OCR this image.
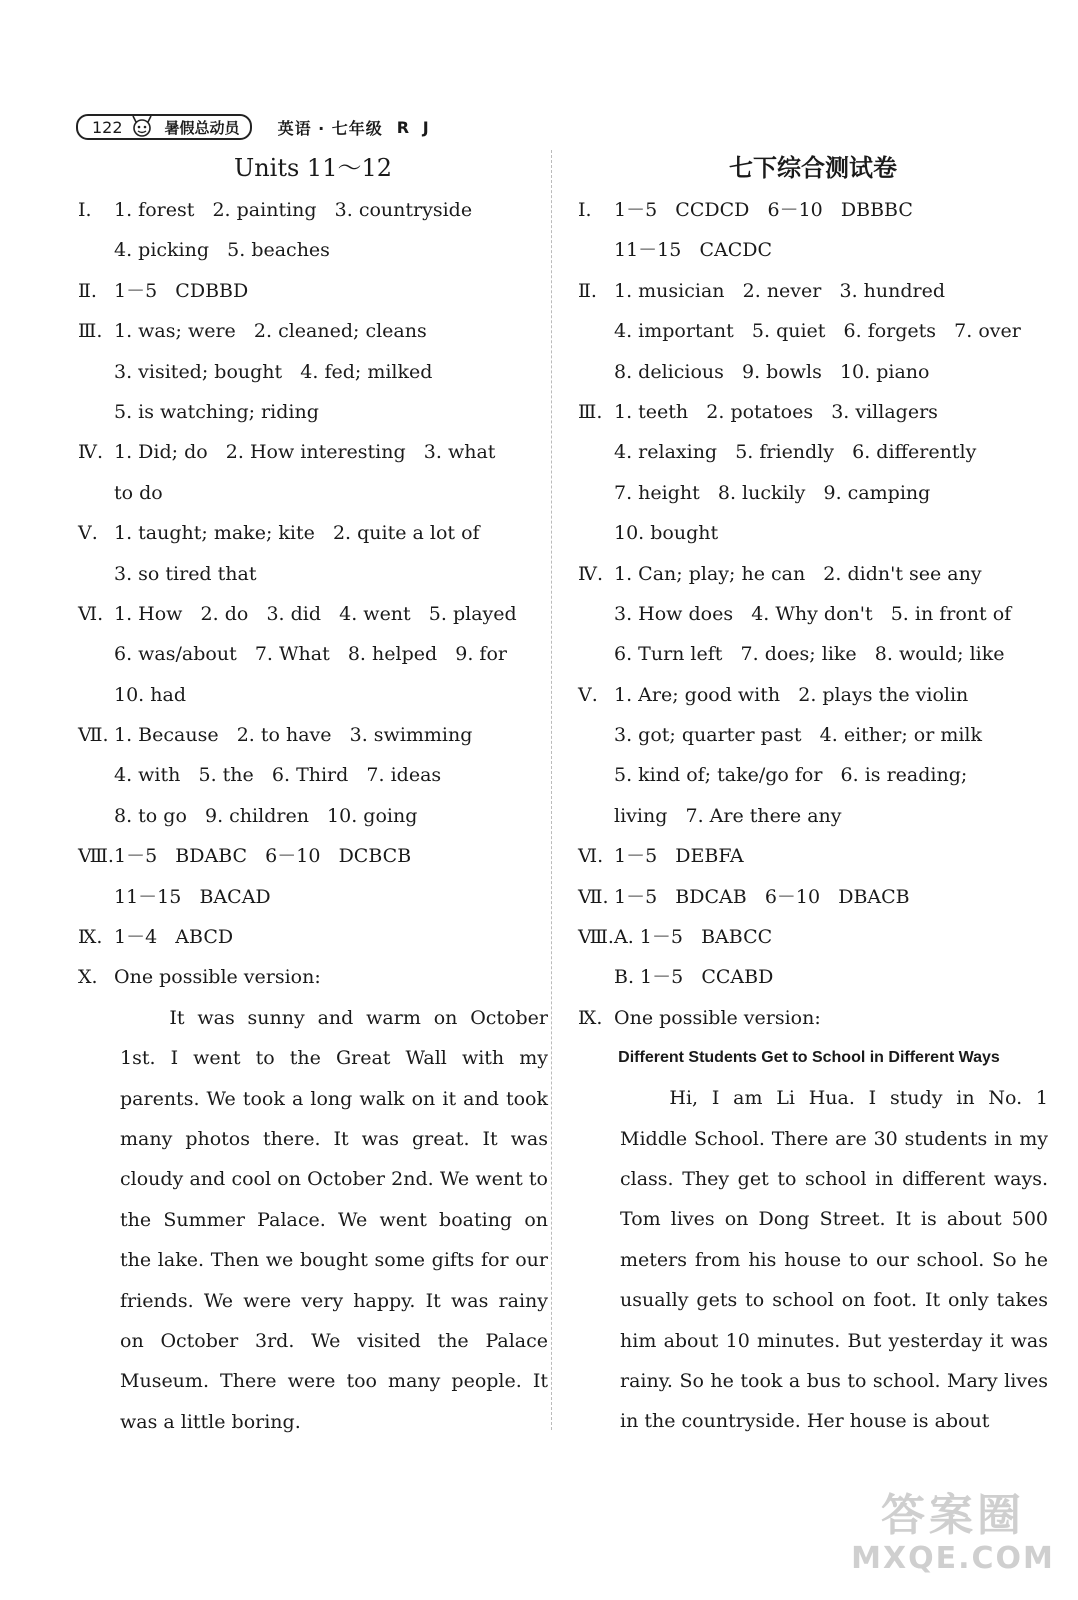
122	暑假总动员 英语 · 七年级 R J
Units 11～12
Ⅰ. 1. forest   2. painting   3. countryside
4. picking   5. beaches
Ⅱ. 1－5   CDBBD
Ⅲ. 1. was; were   2. cleaned; cleans
3. visited; bought   4. fed; milked
5. is watching; riding
Ⅳ. 1. Did; do   2. How interesting   3. what
to do
Ⅴ. 1. taught; make; kite   2. quite a lot of
3. so tired that
Ⅵ. 1. How   2. do   3. did   4. went   5. played
6. was/about   7. What   8. helped   9. for
10. had
Ⅶ. 1. Because   2. to have   3. swimming
4. with   5. the   6. Third   7. ideas
8. to go   9. children   10. going
Ⅷ.1－5   BDABC   6－10   DCBCB
11－15   BACAD
Ⅸ. 1－4   ABCD
Ⅹ. One possible version:

It was sunny and warm on October 1st. I went to the Great Wall with my parents. We took a long walk on it and took many photos there. It was great. It was cloudy and cool on October 2nd. We went to the Summer Palace. We went boating on the lake. Then we bought some gifts for our friends. We were very happy. It was rainy on October 3rd. We visited the Palace Museum. There were too many people. It was a little boring.

七下综合测试卷
Ⅰ. 1－5   CCDCD   6－10   DBBBC
11－15   CACDC
Ⅱ. 1. musician   2. never   3. hundred
4. important   5. quiet   6. forgets   7. over
8. delicious   9. bowls   10. piano
Ⅲ. 1. teeth   2. potatoes   3. villagers
4. relaxing   5. friendly   6. differently
7. height   8. luckily   9. camping
10. bought
Ⅳ. 1. Can; play; he can   2. didn't see any
3. How does   4. Why don't   5. in front of
6. Turn left   7. does; like   8. would; like
Ⅴ. 1. Are; good with   2. plays the violin
3. got; quarter past   4. either; or milk
5. kind of; take/go for   6. is reading;
living   7. Are there any
Ⅵ. 1－5   DEBFA
Ⅶ. 1－5   BDCAB   6－10   DBACB
Ⅷ.A. 1－5   BABCC
B. 1－5   CCABD
Ⅸ. One possible version:
Different Students Get to School in Different Ways

Hi, I am Li Hua. I study in No. 1 Middle School. There are 30 students in my class. They get to school in different ways. Tom lives on Dong Street. It is about 500 meters from his house to our school. So he usually gets to school on foot. It only takes him about 10 minutes. But yesterday it was rainy. So he took a bus to school. Mary lives in the countryside. Her house is about

答案圈
MXQE.COM
